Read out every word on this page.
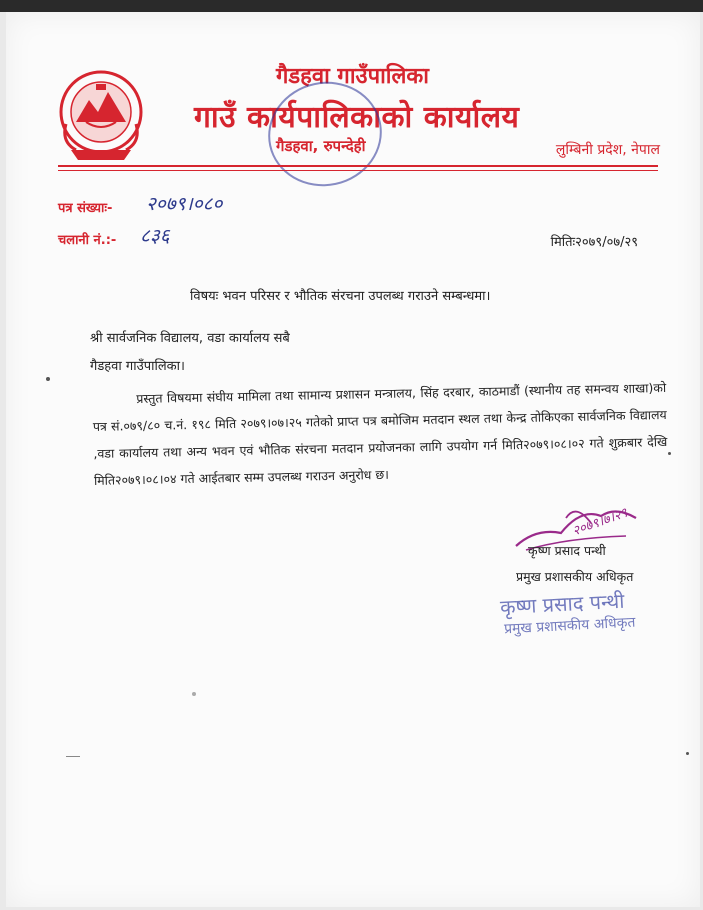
गैडहवा गाउँपालिका
गाउँ कार्यपालिकाको कार्यालय
गैडहवा, रुपन्देही	लुम्बिनी प्रदेश, नेपाल
पत्र संख्याः- २०७९।०८०
चलानी नं.:- ८३६	मितिः२०७९/०७/२९
विषयः भवन परिसर र भौतिक संरचना उपलब्ध गराउने सम्बन्धमा।
श्री सार्वजनिक विद्यालय, वडा कार्यालय सबै
गैडहवा गाउँपालिका।
प्रस्तुत विषयमा संघीय मामिला तथा सामान्य प्रशासन मन्त्रालय, सिंह दरबार, काठमाडौं (स्थानीय तह समन्वय शाखा)को पत्र सं.०७९/८० च.नं. १९८ मिति २०७९।०७।२५ गतेको प्राप्त पत्र बमोजिम मतदान स्थल तथा केन्द्र तोकिएका सार्वजनिक विद्यालय ,वडा कार्यालय तथा अन्य भवन एवं भौतिक संरचना मतदान प्रयोजनका लागि उपयोग गर्न मिति२०७९।०८।०२ गते शुक्रबार देखि मिति२०७९।०८।०४ गते आईतबार सम्म उपलब्ध गराउन अनुरोध छ।
२०७९।७।२९
कृष्ण प्रसाद पन्थी
प्रमुख प्रशासकीय अधिकृत
कृष्ण प्रसाद पन्थी
प्रमुख प्रशासकीय अधिकृत
